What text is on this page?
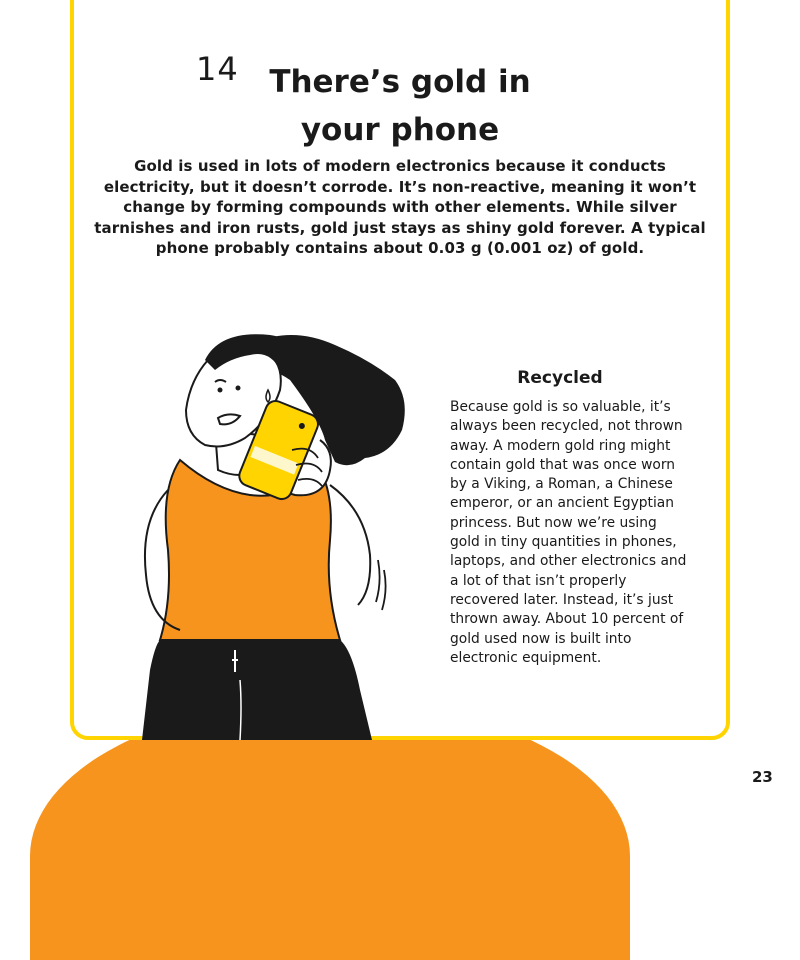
14 There’s gold in your phone
Gold is used in lots of modern electronics because it conducts electricity, but it doesn’t corrode. It’s non-reactive, meaning it won’t change by forming compounds with other elements. While silver tarnishes and iron rusts, gold just stays as shiny gold forever. A typical phone probably contains about 0.03 g (0.001 oz) of gold.
Recycled
Because gold is so valuable, it’s always been recycled, not thrown away. A modern gold ring might contain gold that was once worn by a Viking, a Roman, a Chinese emperor, or an ancient Egyptian princess. But now we’re using gold in tiny quantities in phones, laptops, and other electronics and a lot of that isn’t properly recovered later. Instead, it’s just thrown away. About 10 percent of gold used now is built into electronic equipment.
23
